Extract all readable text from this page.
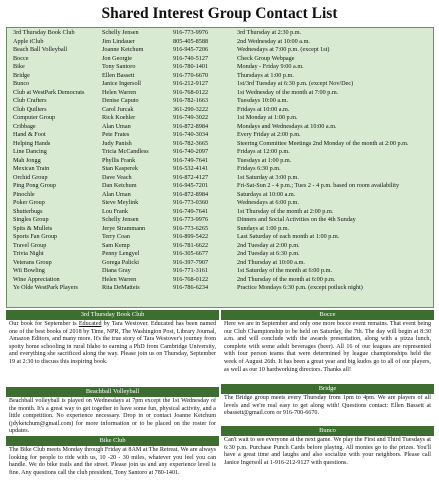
Shared Interest Group Contact List
3rd Thursday Book Club	Schelly Jensen	916-773-9976	3rd Thursday at 2:30 p.m.
Apple iClub	Jim Lindauer	805-405-8588	2nd Wednesday at 10:00 a.m.
Beach Ball Volleyball	Joanne Ketchum	916-945-7206	Wednesdays at 7:00 p.m. (except 1st)
Bocce	Jon Georgie	916-740-5127	Check Group Webpage
Bike	Tony Santoro	916-780-1401	Monday - Friday 9:00 a.m.
Bridge	Ellen Bassett	916-770-6670	Thursdays at 1:00 p.m.
Bunco	Janice Ingersoll	916-212-9127	1st/3rd Tuesday at 6:30 p.m. (except Nov/Dec)
Club at WestPark Democrats	Helen Warren	916-768-0122	1st Wednesday of the month at 7:00 p.m.
Club Crafters	Denise Caputo	916-782-1663	Tuesdays 10:00 a.m.
Club Quilters	Carol Jurcak	361-290-3222	Fridays at 10:00 a.m.
Computer Group	Rick Koehler	916-749-3022	1st Monday at 1:00 p.m.
Cribbage	Alan Uman	916-872-8984	Mondays and Wednesdays at 10:00 a.m.
Hand & Foot	Pete Frates	916-740-3034	Every Friday at 2:00 p.m.
Helping Hands	Judy Panish	916-782-3665	Steering Committee Meetings 2nd Monday of the month at 2:00 p.m.
Line Dancing	Tricia McCandless	916-740-2097	Fridays at 12:00 p.m.
Mah Jongg	Phyllis Frank	916-749-7641	Tuesdays at 1:00 p.m.
Mexican Train	Stan Kasperek	916-532-4141	Fridays 6:30 p.m.
Orchid Group	Dave Veach	916-872-4127	1st Saturday at 3:00 p.m.
Ping Pong Group	Dan Ketchum	916-945-7201	Fri-Sat-Sun 2 - 4 p.m.; Tues 2 - 4 p.m. based on room availability
Pinochle	Alan Uman	916-872-8984	Saturdays at 10:00 a.m.
Poker Group	Steve Meylink	916-773-0360	Wednesdays at 6:00 p.m.
Shutterbugs	Lou Frank	916-749-7641	1st Thursday of the month at 2:00 p.m.
Singles Group	Schelly Jensen	916-773-9976	Dinners and Social Activities on the 4th Sunday
Spits & Mullets	Jerye Strammann	916-773-6265	Sundays at 1:00 p.m.
Sports Fan Group	Terry Coan	916-899-5422	Last Saturday of each month at 1:00 p.m.
Travel Group	Sam Kemp	916-781-6622	2nd Tuesday at 2:00 p.m.
Trivia Night	Penny Lengyel	916-305-6677	2nd Tuesday at 6:30 p.m.
Veterans Group	Gorega Palicki	916-397-7907	2nd Thursday at 10:00 a.m.
Wii Bowling	Diana Gray	916-771-3161	1st Saturday of the month at 6:00 p.m.
Wine Appreciation	Helen Warren	916-768-0122	2nd Thursday of the month at 6:00 p.m.
Ye Olde WestPark Players	Rita DeMatteis	916-786-6234	Practice Mondays 6:30 p.m. (except potluck night)
3rd Thursday Book Club
Our book for September is Educated by Tara Westover. Educated has been named one of the best books of 2018 by Time, NPR, The Washington Post, Library Journal, Amazon Editors, and many more. It's the true story of Tara Westover's journey from spotty home schooling in rural Idaho to earning a PhD from Cambridge University, and everything she sacrificed along the way. Please join us on Thursday, September 19 at 2:30 to discuss this inspiring book.
Beachball Volleyball
Beachball volleyball is played on Wednesdays at 7pm except the 1st Wednesday of the month. It's a great way to get together to have some fun, physical activity, and a little competition. No experience necessary. Drop in or contact Joanne Ketchum (jdyketchum@gmail.com) for more information or to be placed on the roster for updates.
Bike Club
The Bike Club meets Monday through Friday at 8AM at The Retreat. We are always looking for people to ride with us, 10 -20 - 30 miles, whatever you feel you can handle. We do bike trails and the street. Please join us and any experience level is fine. Any questions call the club president, Tony Santoro at 780-1401.
Bocce
Here we are in September and only one more bocce event remains. That event being our Club Championship to be held on Saturday, the 7th. The day will begin at 8:30 a.m. and will conclude with the awards presentation, along with a pizza lunch, complete with some adult beverages (beer). All 16 of our leagues are represented with four person teams that were determined by league championships held the week of August 26th. It has been a great year and big kudos go to all of our players, as well as our 10 hardworking directors. Thanks all!
Bridge
The Bridge group meets every Thursday from 1pm to 4pm. We are players of all levels and we're real easy to get along with! Questions contact: Ellen Bassett at ebassett@gmail.com or 916-700-6670.
Bunco
Can't wait to see everyone at the next game. We play the First and Third Tuesdays at 6:30 p.m. Purchase Punch Cards before playing. All monies go to the prizes. You'll have a great time and laughs and also socialize with your neighbors. Please call Janice Ingersoll at 1-916-212-9127 with questions.
